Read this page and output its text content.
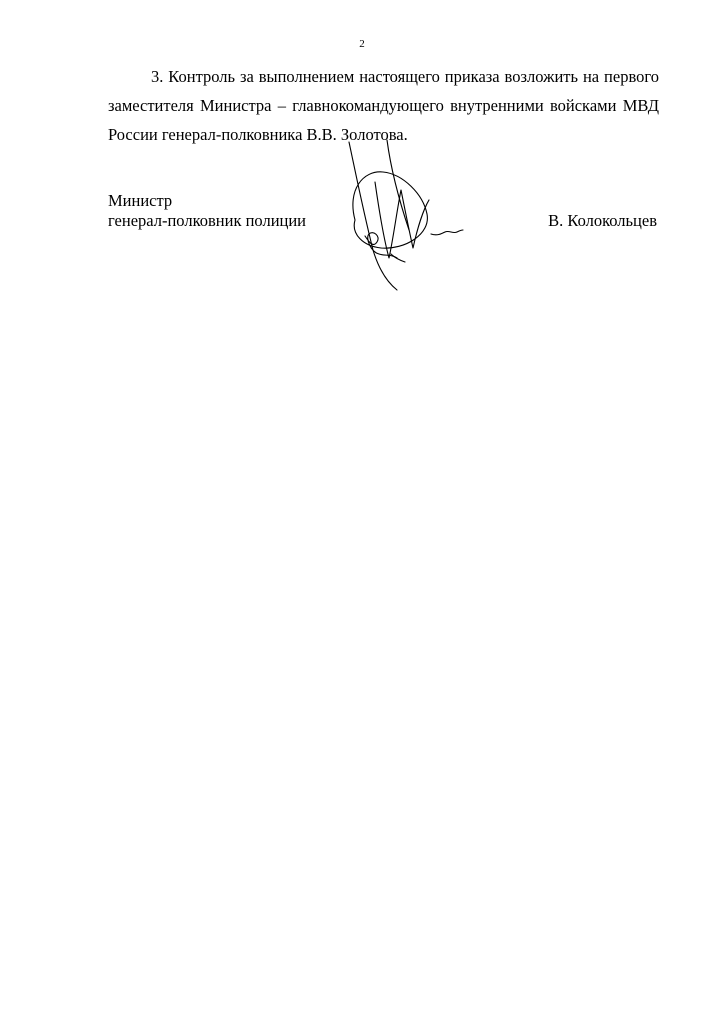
2

3. Контроль за выполнением настоящего приказа возложить на первого заместителя Министра – главнокомандующего внутренними войсками МВД России генерал-полковника В.В. Золотова.

Министр
генерал-полковник полиции	В. Колокольцев
